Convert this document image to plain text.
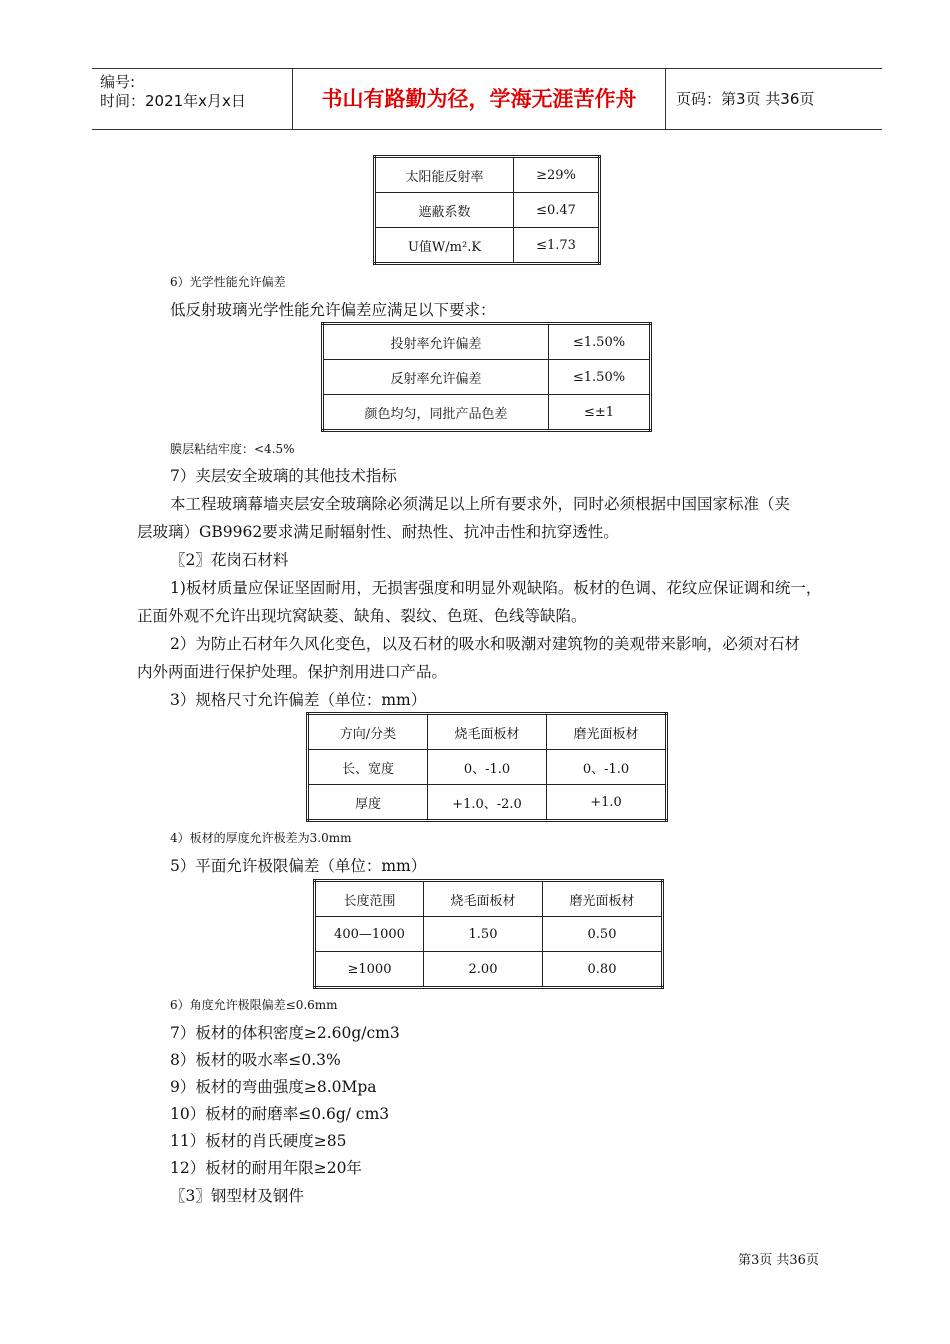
编号:
时间：2021年x月x日	书山有路勤为径，学海无涯苦作舟	页码：第3页 共36页
太阳能反射率	≥29%
遮蔽系数	≤0.47
U值W/m².K	≤1.73
6）光学性能允许偏差
低反射玻璃光学性能允许偏差应满足以下要求：
投射率允许偏差	≤1.50%
反射率允许偏差	≤1.50%
颜色均匀，同批产品色差	≤±1
膜层粘结牢度：<4.5%
7）夹层安全玻璃的其他技术指标
本工程玻璃幕墙夹层安全玻璃除必须满足以上所有要求外，同时必须根据中国国家标准（夹
层玻璃）GB9962要求满足耐辐射性、耐热性、抗冲击性和抗穿透性。
〖2〗花岗石材料
1)板材质量应保证坚固耐用，无损害强度和明显外观缺陷。板材的色调、花纹应保证调和统一，
正面外观不允许出现坑窝缺菱、缺角、裂纹、色斑、色线等缺陷。
2）为防止石材年久风化变色，以及石材的吸水和吸潮对建筑物的美观带来影响，必须对石材
内外两面进行保护处理。保护剂用进口产品。
3）规格尺寸允许偏差（单位：mm）
方向/分类	烧毛面板材	磨光面板材
长、宽度	0、-1.0	0、-1.0
厚度	+1.0、-2.0	+1.0
4）板材的厚度允许极差为3.0mm
5）平面允许极限偏差（单位：mm）
长度范围	烧毛面板材	磨光面板材
400—1000	1.50	0.50
≥1000	2.00	0.80
6）角度允许极限偏差≤0.6mm
7）板材的体积密度≥2.60g/cm3
8）板材的吸水率≤0.3%
9）板材的弯曲强度≥8.0Mpa
10）板材的耐磨率≤0.6g/ cm3
11）板材的肖氏硬度≥85
12）板材的耐用年限≥20年
〖3〗钢型材及钢件
第3页 共36页
